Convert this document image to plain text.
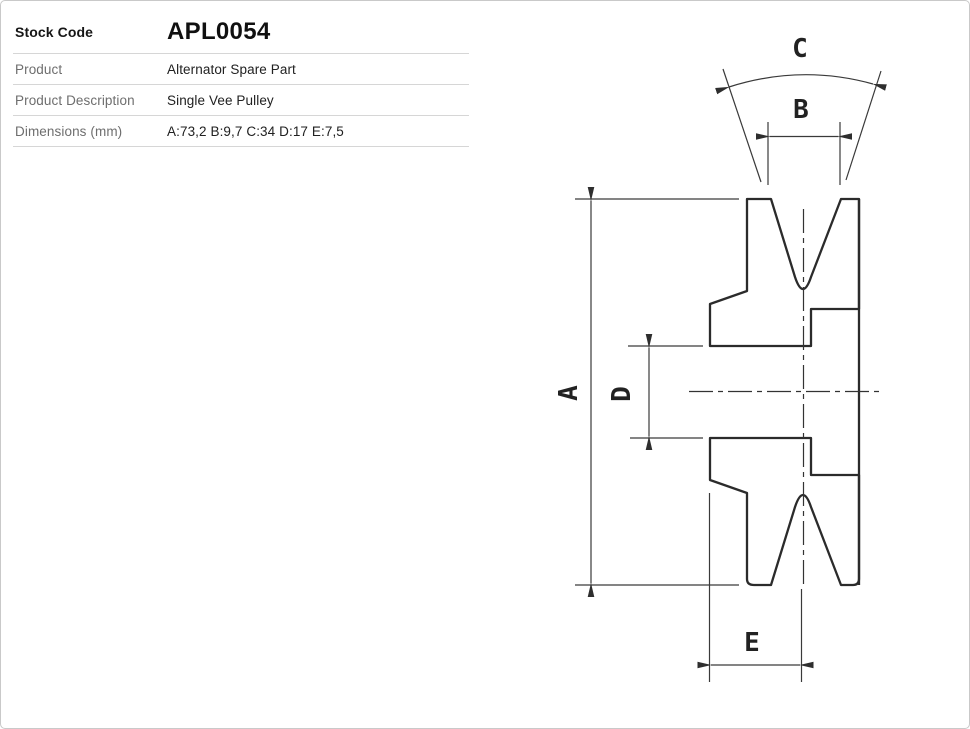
Stock Code	APL0054
Product	Alternator Spare Part
Product Description	Single Vee Pulley
Dimensions (mm)	A:73,2 B:9,7 C:34 D:17 E:7,5
A D
B
C
E
